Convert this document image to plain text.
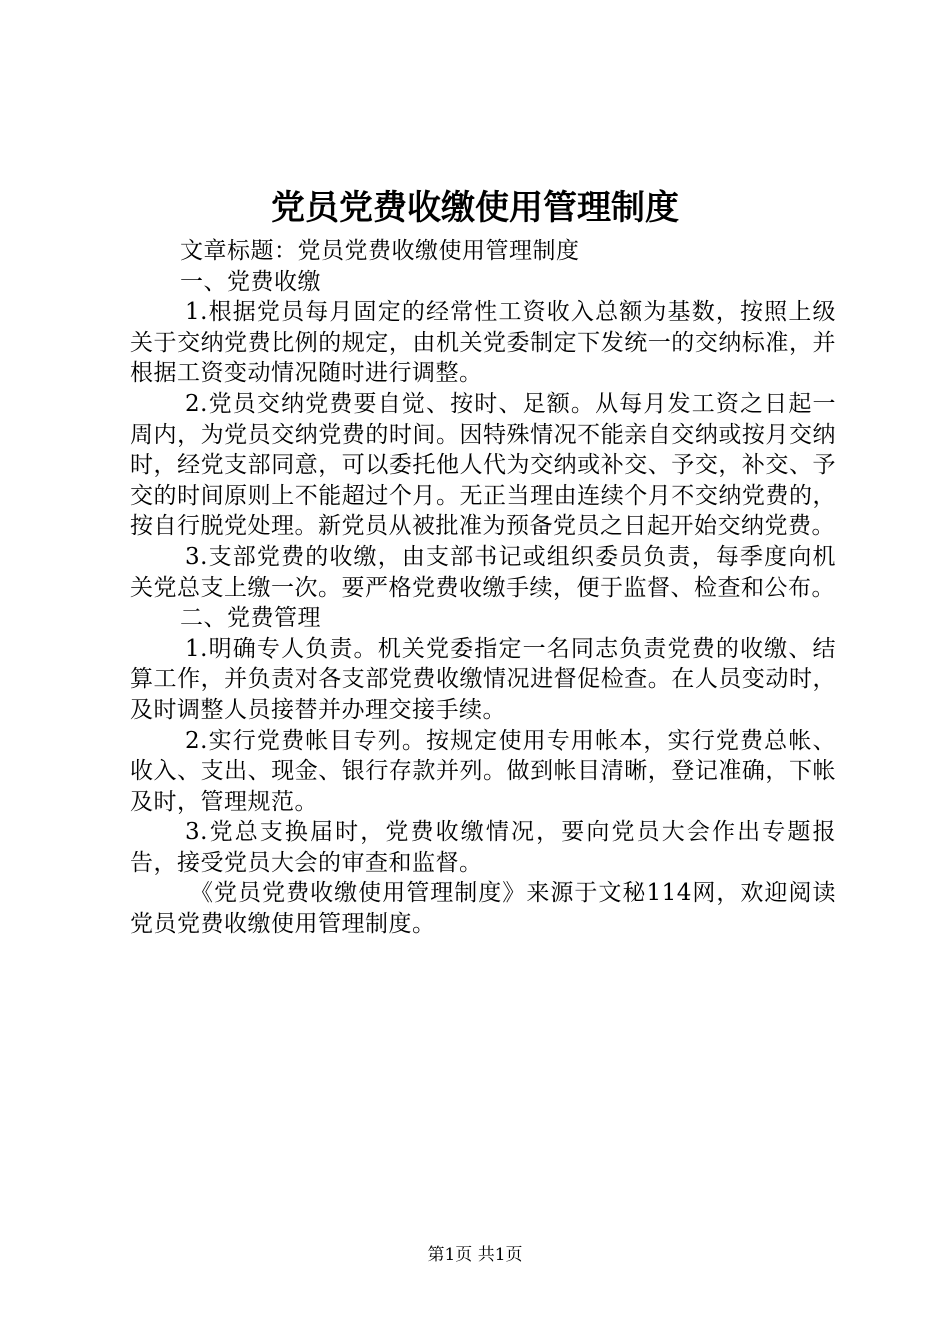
党员党费收缴使用管理制度

文章标题：党员党费收缴使用管理制度

一、党费收缴

1.根据党员每月固定的经常性工资收入总额为基数，按照上级关于交纳党费比例的规定，由机关党委制定下发统一的交纳标准，并根据工资变动情况随时进行调整。

2.党员交纳党费要自觉、按时、足额。从每月发工资之日起一周内，为党员交纳党费的时间。因特殊情况不能亲自交纳或按月交纳时，经党支部同意，可以委托他人代为交纳或补交、予交，补交、予交的时间原则上不能超过个月。无正当理由连续个月不交纳党费的，按自行脱党处理。新党员从被批准为预备党员之日起开始交纳党费。

3.支部党费的收缴，由支部书记或组织委员负责，每季度向机关党总支上缴一次。要严格党费收缴手续，便于监督、检查和公布。

二、党费管理

1.明确专人负责。机关党委指定一名同志负责党费的收缴、结算工作，并负责对各支部党费收缴情况进督促检查。在人员变动时，及时调整人员接替并办理交接手续。

2.实行党费帐目专列。按规定使用专用帐本，实行党费总帐、收入、支出、现金、银行存款并列。做到帐目清晰，登记准确，下帐及时，管理规范。

3.党总支换届时，党费收缴情况，要向党员大会作出专题报告，接受党员大会的审查和监督。

《党员党费收缴使用管理制度》来源于文秘114网，欢迎阅读党员党费收缴使用管理制度。

第1页 共1页
